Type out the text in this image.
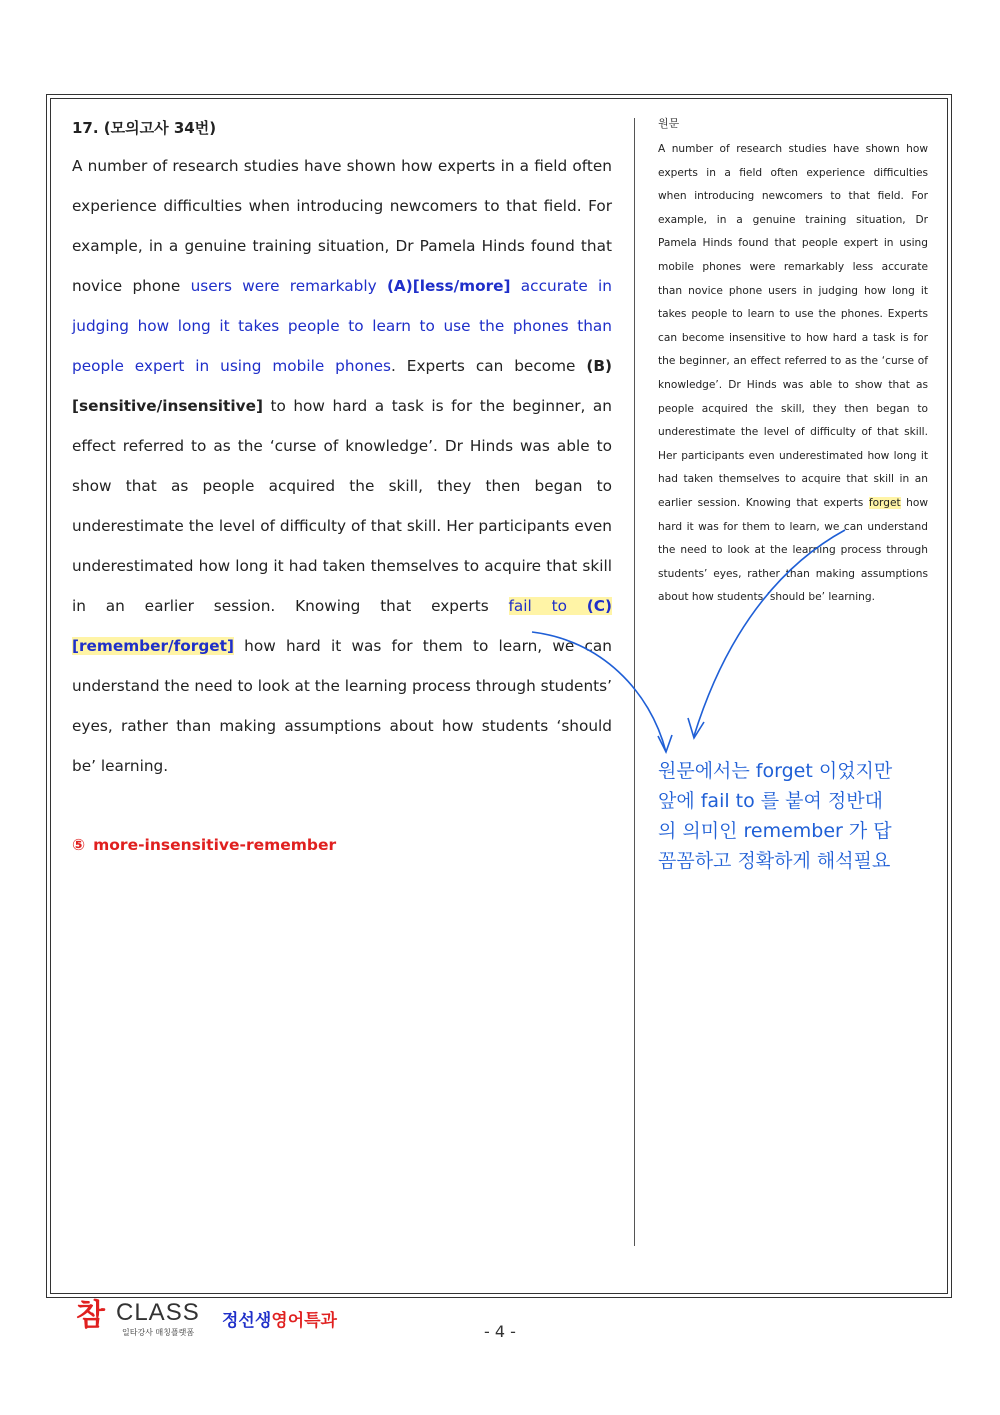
17. (모의고사 34번)

A number of research studies have shown how experts in a field often experience difficulties when introducing newcomers to that field. For example, in a genuine training situation, Dr Pamela Hinds found that novice phone users were remarkably (A)[less/more] accurate in judging how long it takes people to learn to use the phones than people expert in using mobile phones. Experts can become (B)[sensitive/insensitive] to how hard a task is for the beginner, an effect referred to as the ‘curse of knowledge’. Dr Hinds was able to show that as people acquired the skill, they then began to underestimate the level of difficulty of that skill. Her participants even underestimated how long it had taken themselves to acquire that skill in an earlier session. Knowing that experts fail to (C) [remember/forget] how hard it was for them to learn, we can understand the need to look at the learning process through students’ eyes, rather than making assumptions about how students ‘should be’ learning.

⑤ more-insensitive-remember

원문

A number of research studies have shown how experts in a field often experience difficulties when introducing newcomers to that field. For example, in a genuine training situation, Dr Pamela Hinds found that people expert in using mobile phones were remarkably less accurate than novice phone users in judging how long it takes people to learn to use the phones. Experts can become insensitive to how hard a task is for the beginner, an effect referred to as the ‘curse of knowledge’. Dr Hinds was able to show that as people acquired the skill, they then began to underestimate the level of difficulty of that skill. Her participants even underestimated how long it had taken themselves to acquire that skill in an earlier session. Knowing that experts forget how hard it was for them to learn, we can understand the need to look at the learning process through students’ eyes, rather than making assumptions about how students ‘should be’ learning.

원문에서는 forget 이었지만
앞에 fail to 를 붙여 정반대
의 의미인 remember 가 답
꼼꼼하고 정확하게 해석필요
참 CLASS
일타강사 매칭플랫폼
정선생영어특과
- 4 -
